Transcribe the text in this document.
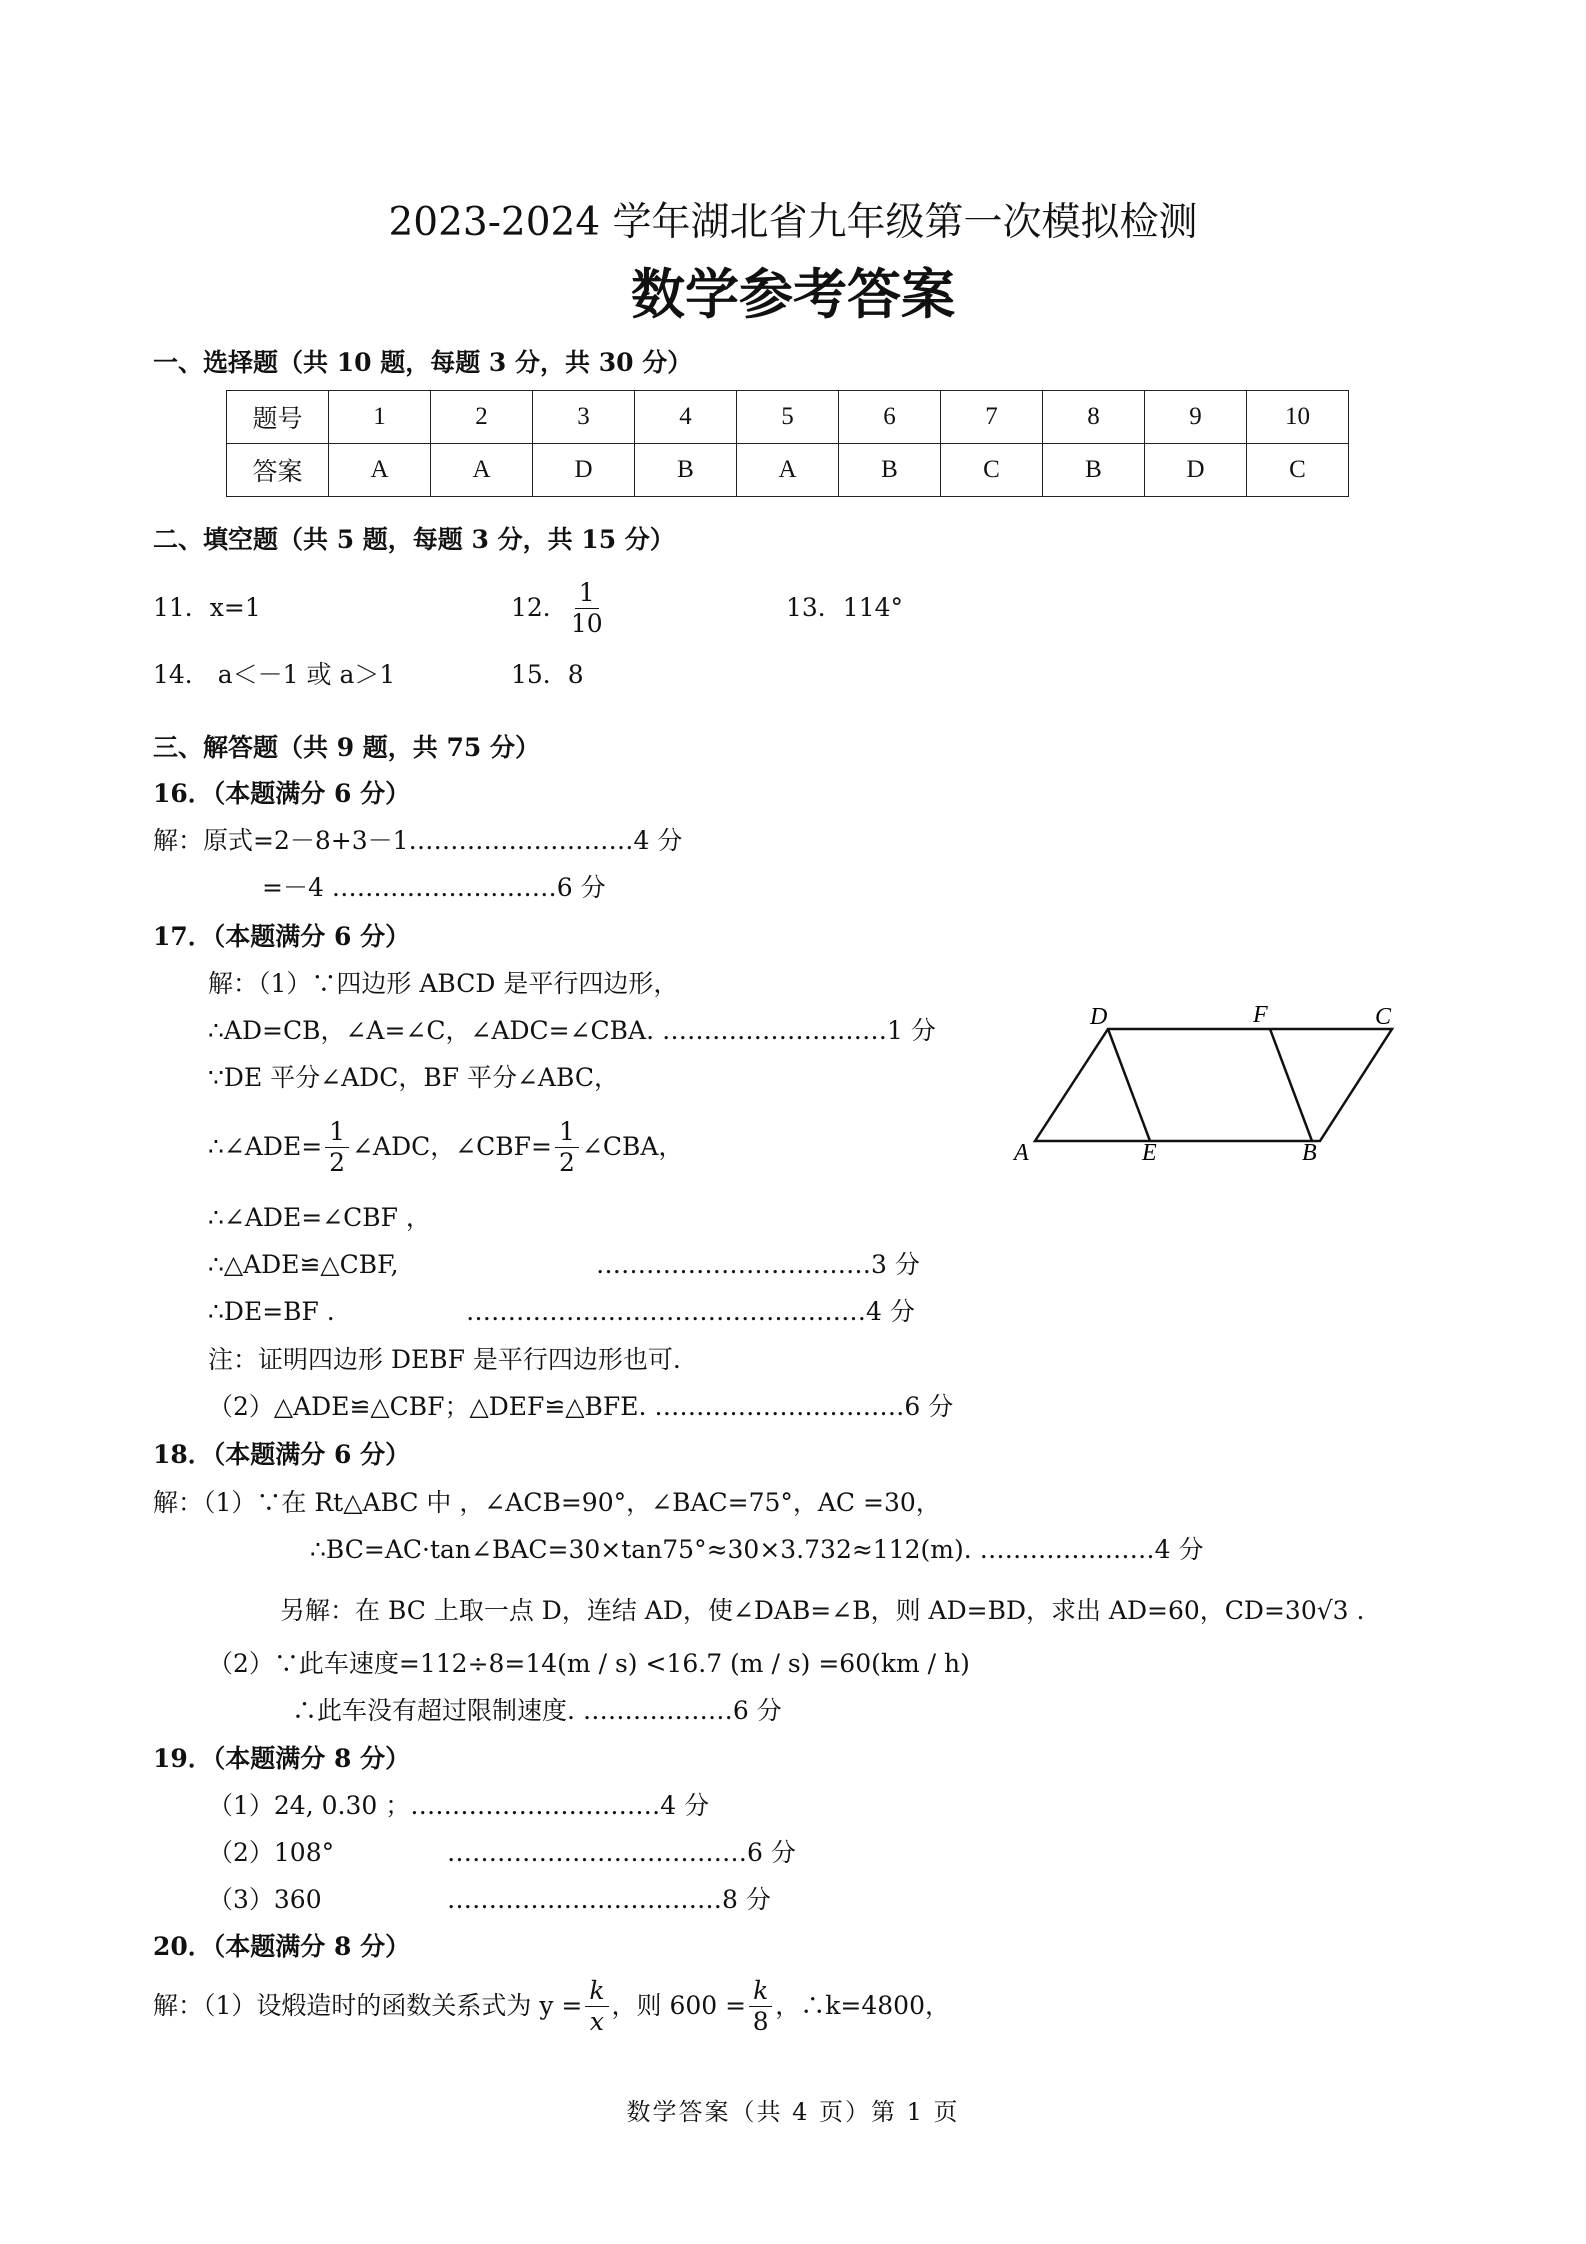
2023-2024 学年湖北省九年级第一次模拟检测
数学参考答案
一、选择题（共 10 题，每题 3 分，共 30 分）
题号	1	2	3	4	5	6	7	8	9	10
答案	A	A	D	B	A	B	C	B	D	C
二、填空题（共 5 题，每题 3 分，共 15 分）
11．x=1	12． $\frac{1}{10}$	13．114°
14． a＜－1 或 a＞1	15．8
三、解答题（共 9 题，共 75 分）
16．（本题满分 6 分）
解：原式=2－8+3－1………………………4 分
=－4 ………………………6 分
17．（本题满分 6 分）
解：（1）∵四边形 ABCD 是平行四边形，
∴AD=CB，∠A=∠C，∠ADC=∠CBA. ………………………1 分
∵DE 平分∠ADC，BF 平分∠ABC，
∴∠ADE= $\frac{1}{2}$ ∠ADC，∠CBF= $\frac{1}{2}$ ∠CBA，
∴∠ADE=∠CBF ，
∴△ADE≌△CBF,	……………………………3 分
∴DE=BF .	…………………………………………4 分
注：证明四边形 DEBF 是平行四边形也可.
（2）△ADE≌△CBF；△DEF≌△BFE. …………………………6 分
D	F	C
A	E	B
18．（本题满分 6 分）
解：（1）∵在 Rt△ABC 中 ，∠ACB=90°，∠BAC=75°，AC =30，
∴BC=AC·tan∠BAC=30×tan75°≈30×3.732≈112(m). …………………4 分
另解：在 BC 上取一点 D，连结 AD，使∠DAB=∠B，则 AD=BD，求出 AD=60，CD=30√3 .
（2）∵此车速度=112÷8=14(m / s) <16.7 (m / s) =60(km / h)
∴此车没有超过限制速度. ………………6 分
19．（本题满分 8 分）
（1）24, 0.30 ；…………………………4 分
（2）108°	………………………………6 分
（3）360	……………………………8 分
20．（本题满分 8 分）
解：（1）设煅造时的函数关系式为 $y = \frac{k}{x}$ ，则 $600 = \frac{k}{8}$ ，∴k=4800，
数学答案（共 4 页）第 1 页
